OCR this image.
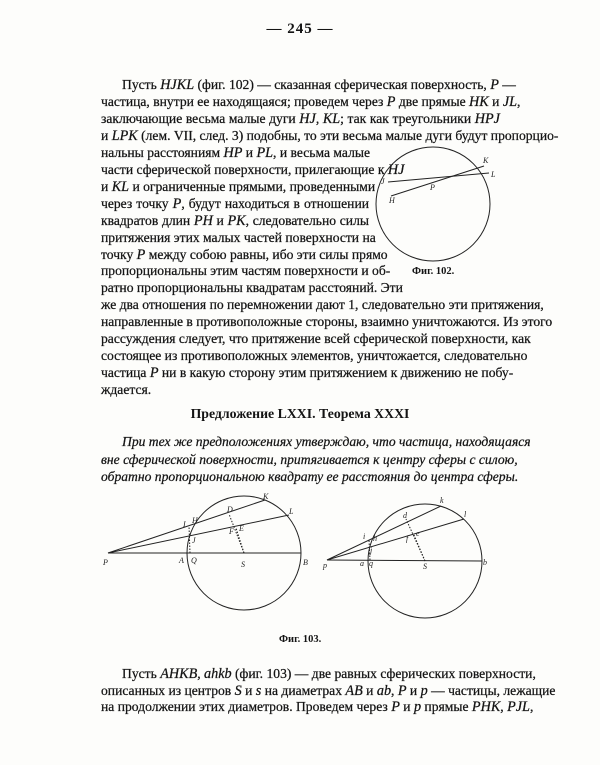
— 245 —
Пусть HJKL (фиг. 102) — сказанная сферическая поверхность, P —
частица, внутри ее находящаяся; проведем через P две прямые HK и JL,
заключающие весьма малые дуги HJ, KL; так как треугольники HPJ
и LPK (лем. VII, след. 3) подобны, то эти весьма малые дуги будут пропорцио-
нальны расстояниям HP и PL, и весьма малые
части сферической поверхности, прилегающие к HJ
и KL и ограниченные прямыми, проведенными
через точку P, будут находиться в отношении
квадратов длин PH и PK, следовательно силы
притяжения этих малых частей поверхности на
точку P между собою равны, ибо эти силы прямо
пропорциональны этим частям поверхности и об-
ратно пропорциональны квадратам расстояний. Эти
же два отношения по перемножении дают 1, следовательно эти притяжения,
направленные в противоположные стороны, взаимно уничтожаются. Из этого
рассуждения следует, что притяжение всей сферической поверхности, как
состоящее из противоположных элементов, уничтожается, следовательно
частица P ни в какую сторону этим притяжением к движению не побу-
ждается.
J
K
L
P
H
P
I H
J
D
F E
A Q	S	B
K
L
p
i h
j
d
f
e
a q	S	b
k
l
Фиг. 102.
Предложение LXXI. Теорема XXXI
При тех же предположениях утверждаю, что частица, находящаяся
вне сферической поверхности, притягивается к центру сферы с силою,
обратно пропорциональною квадрату ее расстояния до центра сферы.
Фиг. 103.
Пусть AHKB, ahkb (фиг. 103) — две равных сферических поверхности,
описанных из центров S и s на диаметрах AB и ab, P и p — частицы, лежащие
на продолжении этих диаметров. Проведем через P и p прямые PHK, PJL,
